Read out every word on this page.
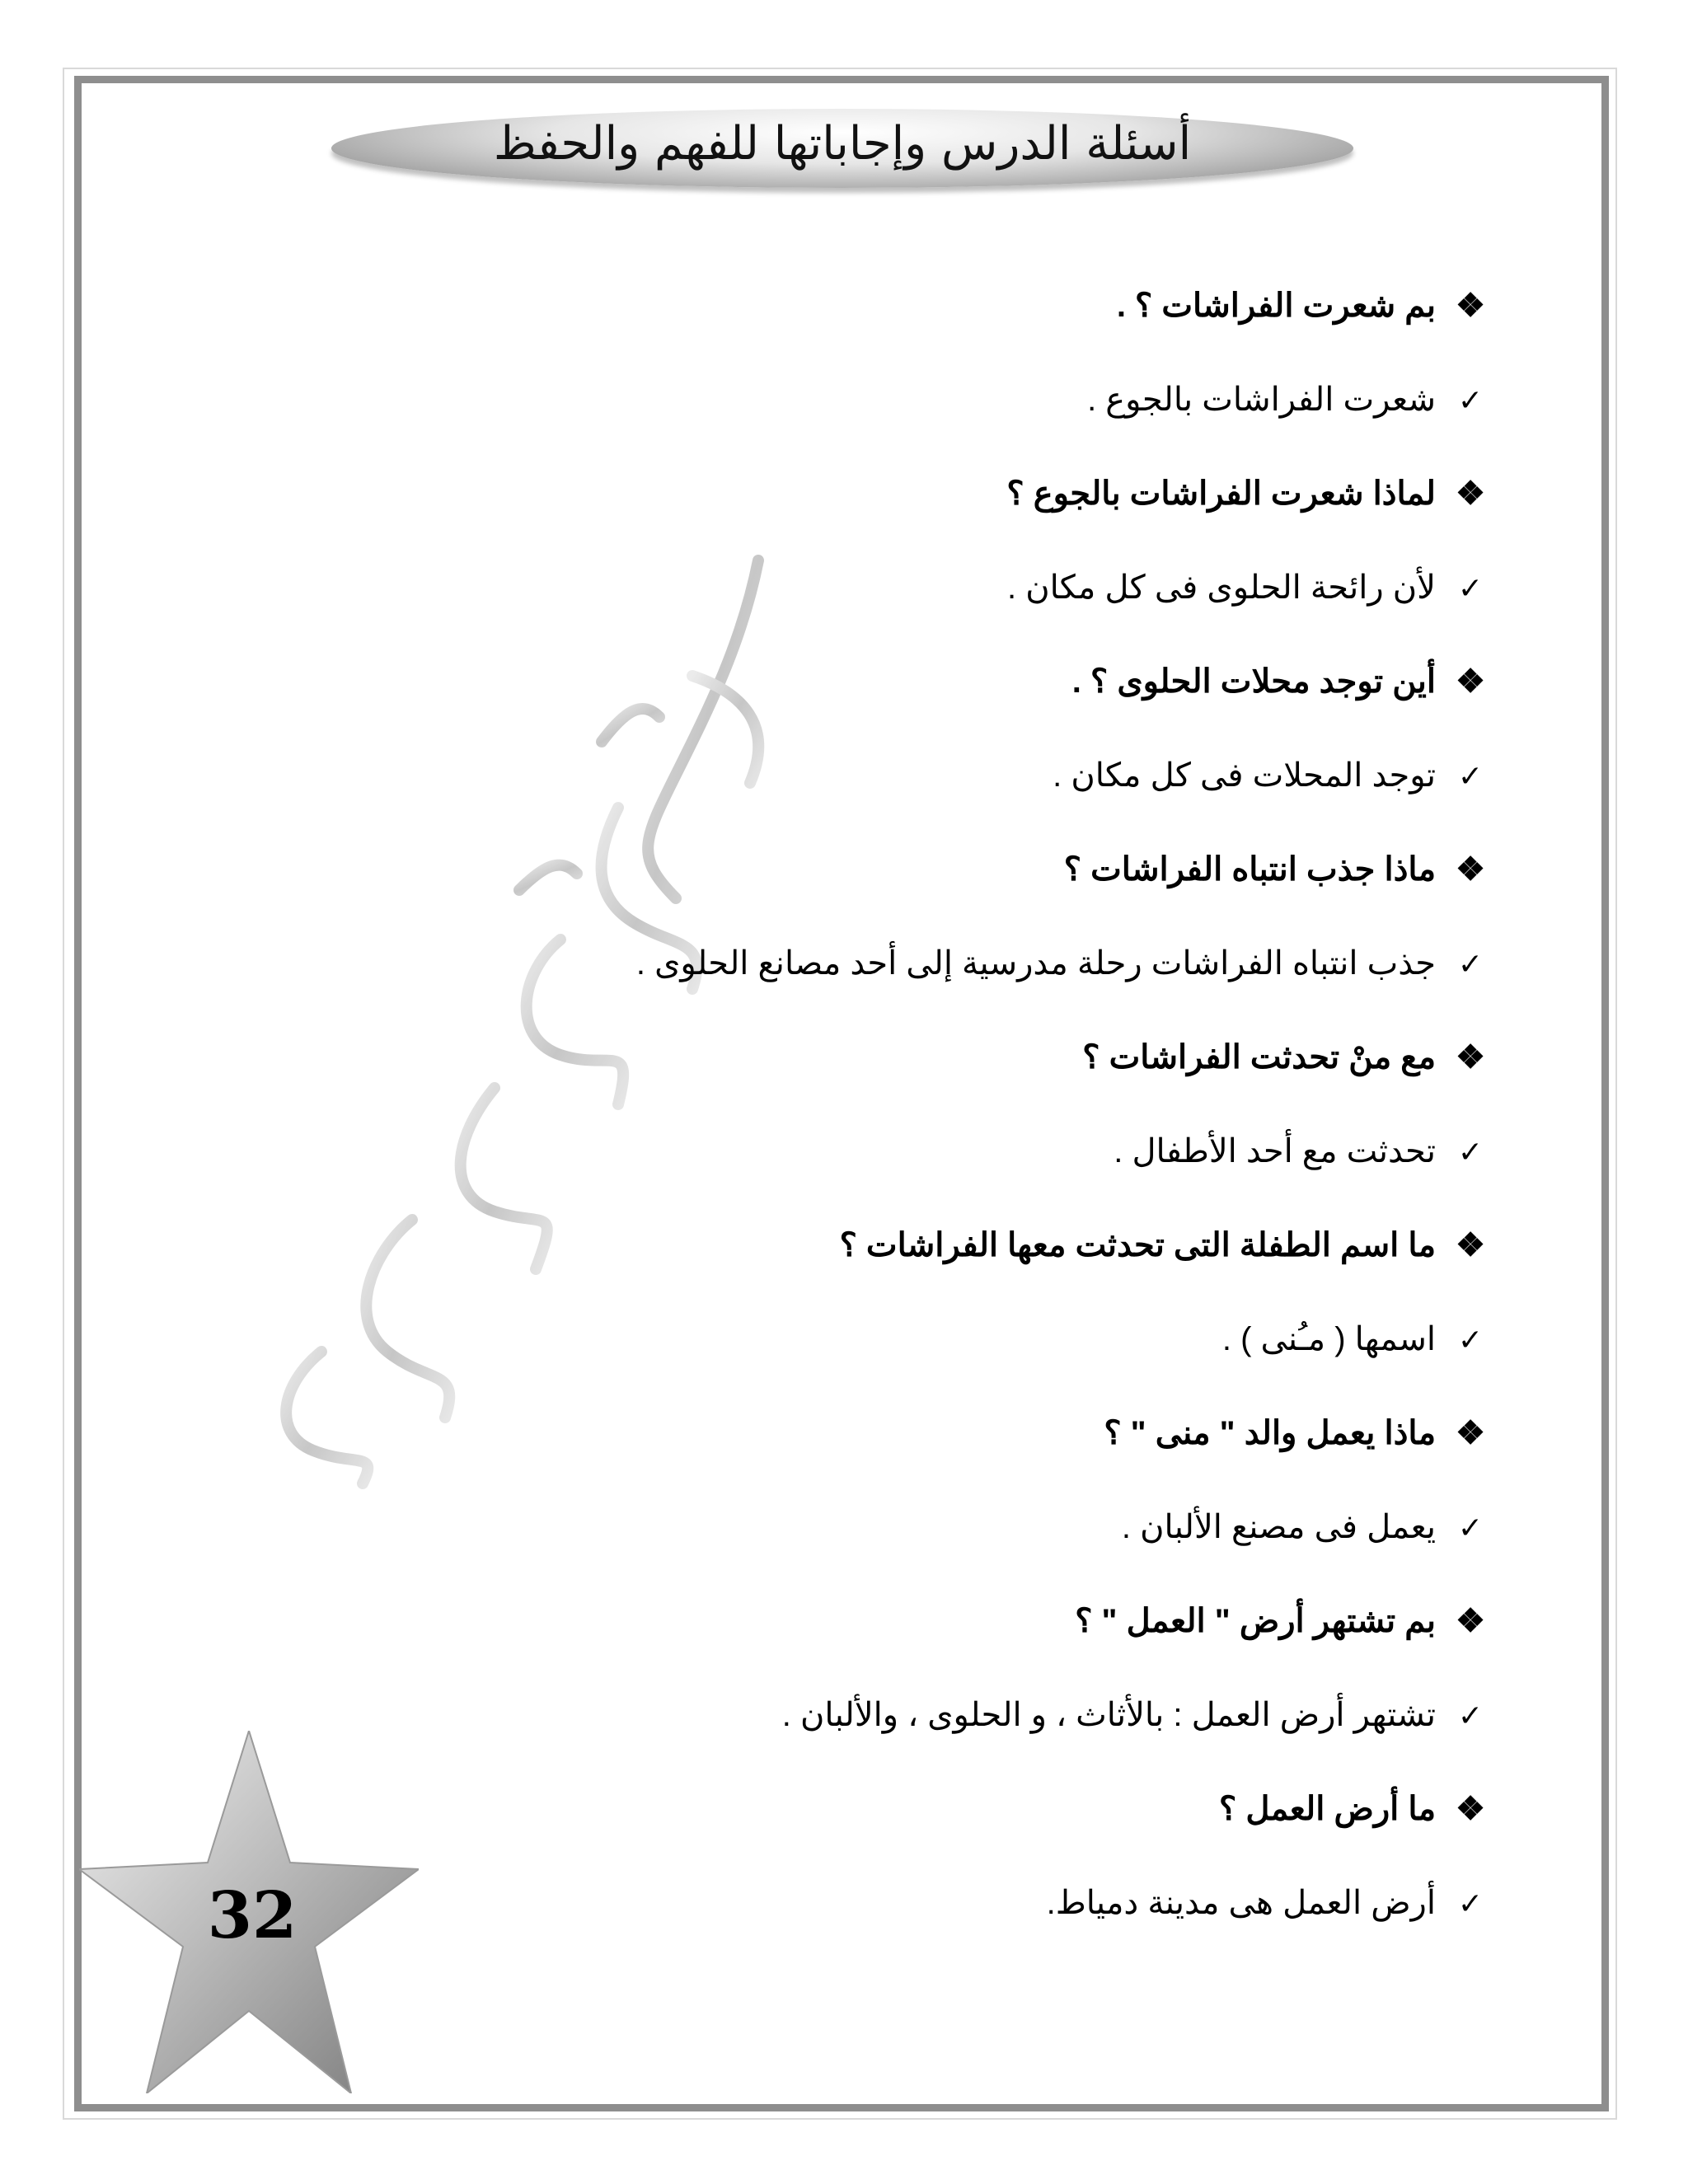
أسئلة الدرس وإجاباتها للفهم والحفظ
❖بم شعرت الفراشات ؟ .
✓شعرت الفراشات بالجوع .
❖لماذا شعرت الفراشات بالجوع ؟
✓لأن رائحة الحلوى فى كل مكان .
❖أين توجد محلات الحلوى ؟ .
✓توجد المحلات فى كل مكان .
❖ماذا جذب انتباه الفراشات ؟
✓جذب انتباه الفراشات رحلة مدرسية إلى أحد مصانع الحلوى .
❖مع منْ تحدثت الفراشات ؟
✓تحدثت مع أحد الأطفال .
❖ما اسم الطفلة التى تحدثت معها الفراشات ؟
✓اسمها ( مـُنى ) .
❖ماذا يعمل والد " منى " ؟
✓يعمل فى مصنع الألبان .
❖بم تشتهر أرض " العمل " ؟
✓تشتهر أرض العمل : بالأثاث ، و الحلوى ، والألبان .
❖ما أرض العمل ؟
✓أرض العمل هى مدينة دمياط.
32
